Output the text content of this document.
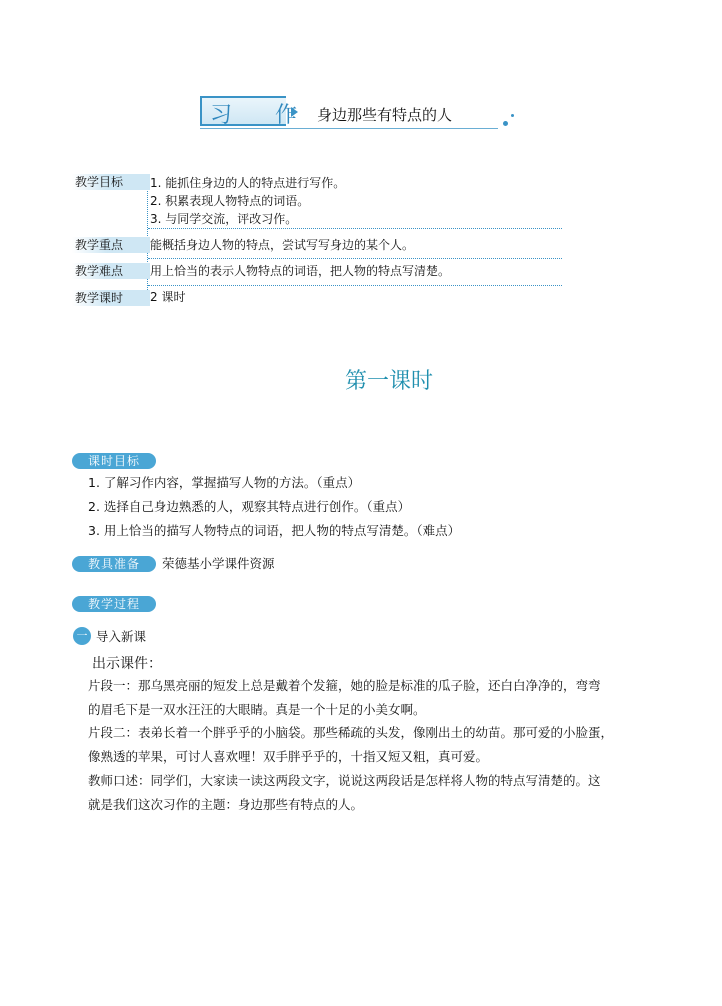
习 作 身边那些有特点的人
教学目标	1. 能抓住身边的人的特点进行写作。
2. 积累表现人物特点的词语。
3. 与同学交流，评改习作。
教学重点	能概括身边人物的特点，尝试写写身边的某个人。
教学难点	用上恰当的表示人物特点的词语，把人物的特点写清楚。
教学课时	2 课时
第一课时
课时目标
1. 了解习作内容，掌握描写人物的方法。（重点）
2. 选择自己身边熟悉的人，观察其特点进行创作。（重点）
3. 用上恰当的描写人物特点的词语，把人物的特点写清楚。（难点）
教具准备	荣德基小学课件资源
教学过程
一 导入新课
出示课件：
片段一：那乌黑亮丽的短发上总是戴着个发箍，她的脸是标准的瓜子脸，还白白净净的，弯弯
的眉毛下是一双水汪汪的大眼睛。真是一个十足的小美女啊。
片段二：表弟长着一个胖乎乎的小脑袋。那些稀疏的头发，像刚出土的幼苗。那可爱的小脸蛋，
像熟透的苹果，可讨人喜欢哩！双手胖乎乎的，十指又短又粗，真可爱。
教师口述：同学们，大家读一读这两段文字，说说这两段话是怎样将人物的特点写清楚的。这
就是我们这次习作的主题：身边那些有特点的人。
